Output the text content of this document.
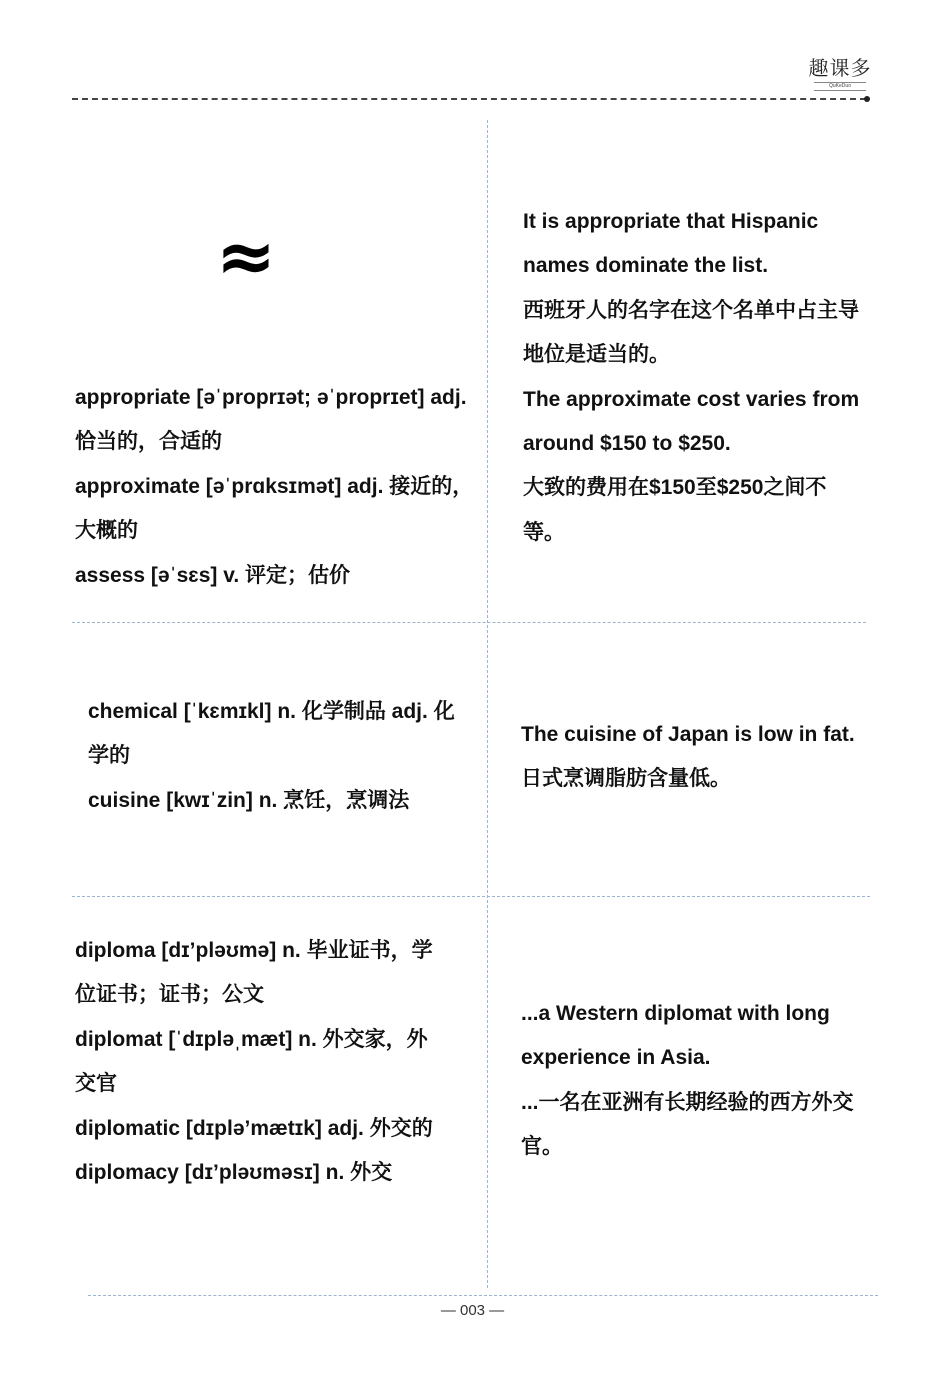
趣课多
QuKeDuo
≈

appropriate [əˈproprɪət; əˈproprɪet] adj. 恰当的，合适的

approximate [əˈprɑksɪmət] adj. 接近的，大概的

assess [əˈsɛs] v. 评定；估价

It is appropriate that Hispanic names dominate the list.

西班牙人的名字在这个名单中占主导地位是适当的。

The approximate cost varies from around $150 to $250.

大致的费用在$150至$250之间不等。

chemical [ˈkɛmɪkl] n. 化学制品 adj. 化学的

cuisine [kwɪˈzin] n. 烹饪，烹调法

The cuisine of Japan is low in fat.

日式烹调脂肪含量低。

diploma [dɪ’pləʊmə] n. 毕业证书，学位证书；证书；公文

diplomat [ˈdɪpləˌmæt] n. 外交家，外交官

diplomatic [dɪplə’mætɪk] adj. 外交的

diplomacy [dɪ’pləʊməsɪ] n. 外交

...a Western diplomat with long experience in Asia.

...一名在亚洲有长期经验的西方外交官。

— 003 —
